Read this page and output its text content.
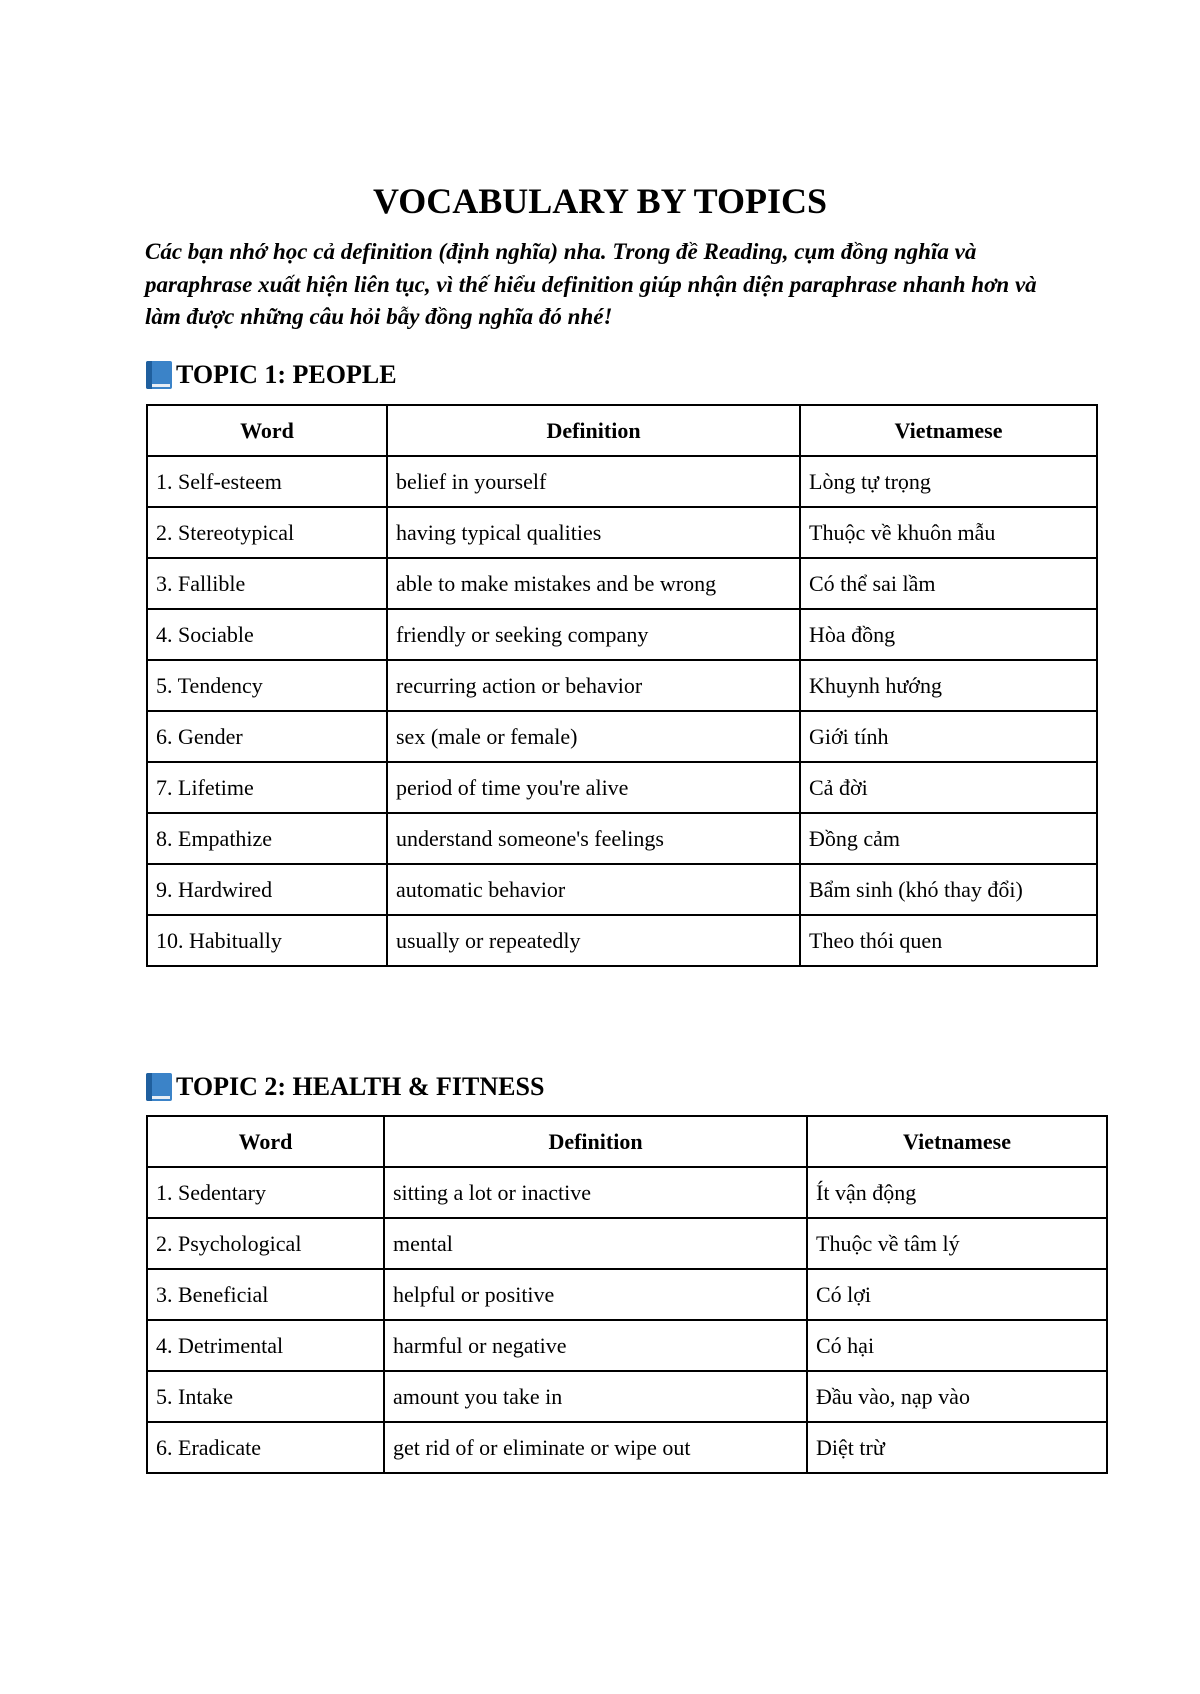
VOCABULARY BY TOPICS

Các bạn nhớ học cả definition (định nghĩa) nha. Trong đề Reading, cụm đồng nghĩa và paraphrase xuất hiện liên tục, vì thế hiểu definition giúp nhận diện paraphrase nhanh hơn và làm được những câu hỏi bẫy đồng nghĩa đó nhé!

TOPIC 1: PEOPLE
Word	Definition	Vietnamese
1. Self-esteem	belief in yourself	Lòng tự trọng
2. Stereotypical	having typical qualities	Thuộc về khuôn mẫu
3. Fallible	able to make mistakes and be wrong	Có thể sai lầm
4. Sociable	friendly or seeking company	Hòa đồng
5. Tendency	recurring action or behavior	Khuynh hướng
6. Gender	sex (male or female)	Giới tính
7. Lifetime	period of time you're alive	Cả đời
8. Empathize	understand someone's feelings	Đồng cảm
9. Hardwired	automatic behavior	Bẩm sinh (khó thay đổi)
10. Habitually	usually or repeatedly	Theo thói quen
TOPIC 2: HEALTH & FITNESS
Word	Definition	Vietnamese
1. Sedentary	sitting a lot or inactive	Ít vận động
2. Psychological	mental	Thuộc về tâm lý
3. Beneficial	helpful or positive	Có lợi
4. Detrimental	harmful or negative	Có hại
5. Intake	amount you take in	Đầu vào, nạp vào
6. Eradicate	get rid of or eliminate or wipe out	Diệt trừ
